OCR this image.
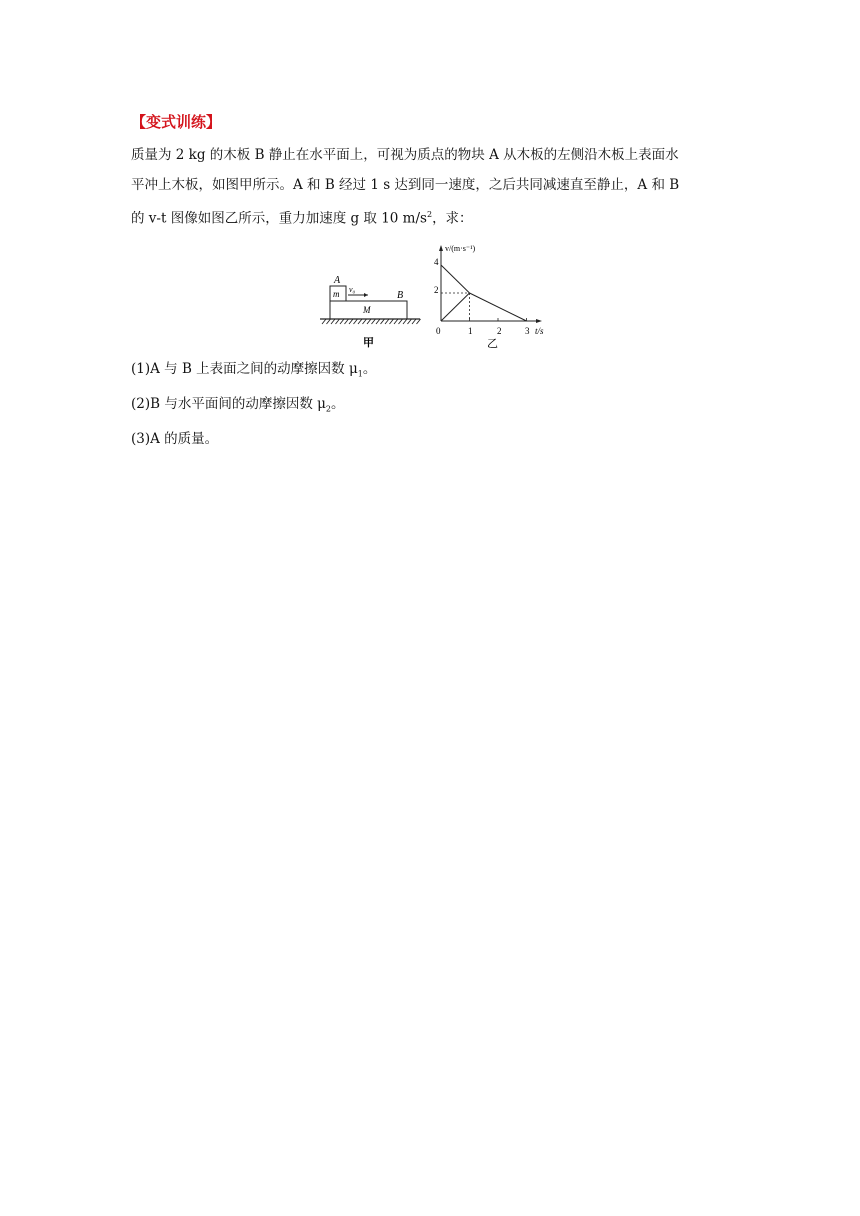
【变式训练】

质量为 2 kg 的木板 B 静止在水平面上，可视为质点的物块 A 从木板的左侧沿木板上表面水

平冲上木板，如图甲所示。A 和 B 经过 1 s 达到同一速度，之后共同减速直至静止，A 和 B

的 v-t 图像如图乙所示，重力加速度 g 取 10 $m/s^2$，求：

A
m v₀
B
M
甲
v/(m·s⁻¹)
t/s
4
2
0	1	2	3
乙
(1)A 与 B 上表面之间的动摩擦因数 $\mu_1$。
(2)B 与水平面间的动摩擦因数 $\mu_2$。
(3)A 的质量。
